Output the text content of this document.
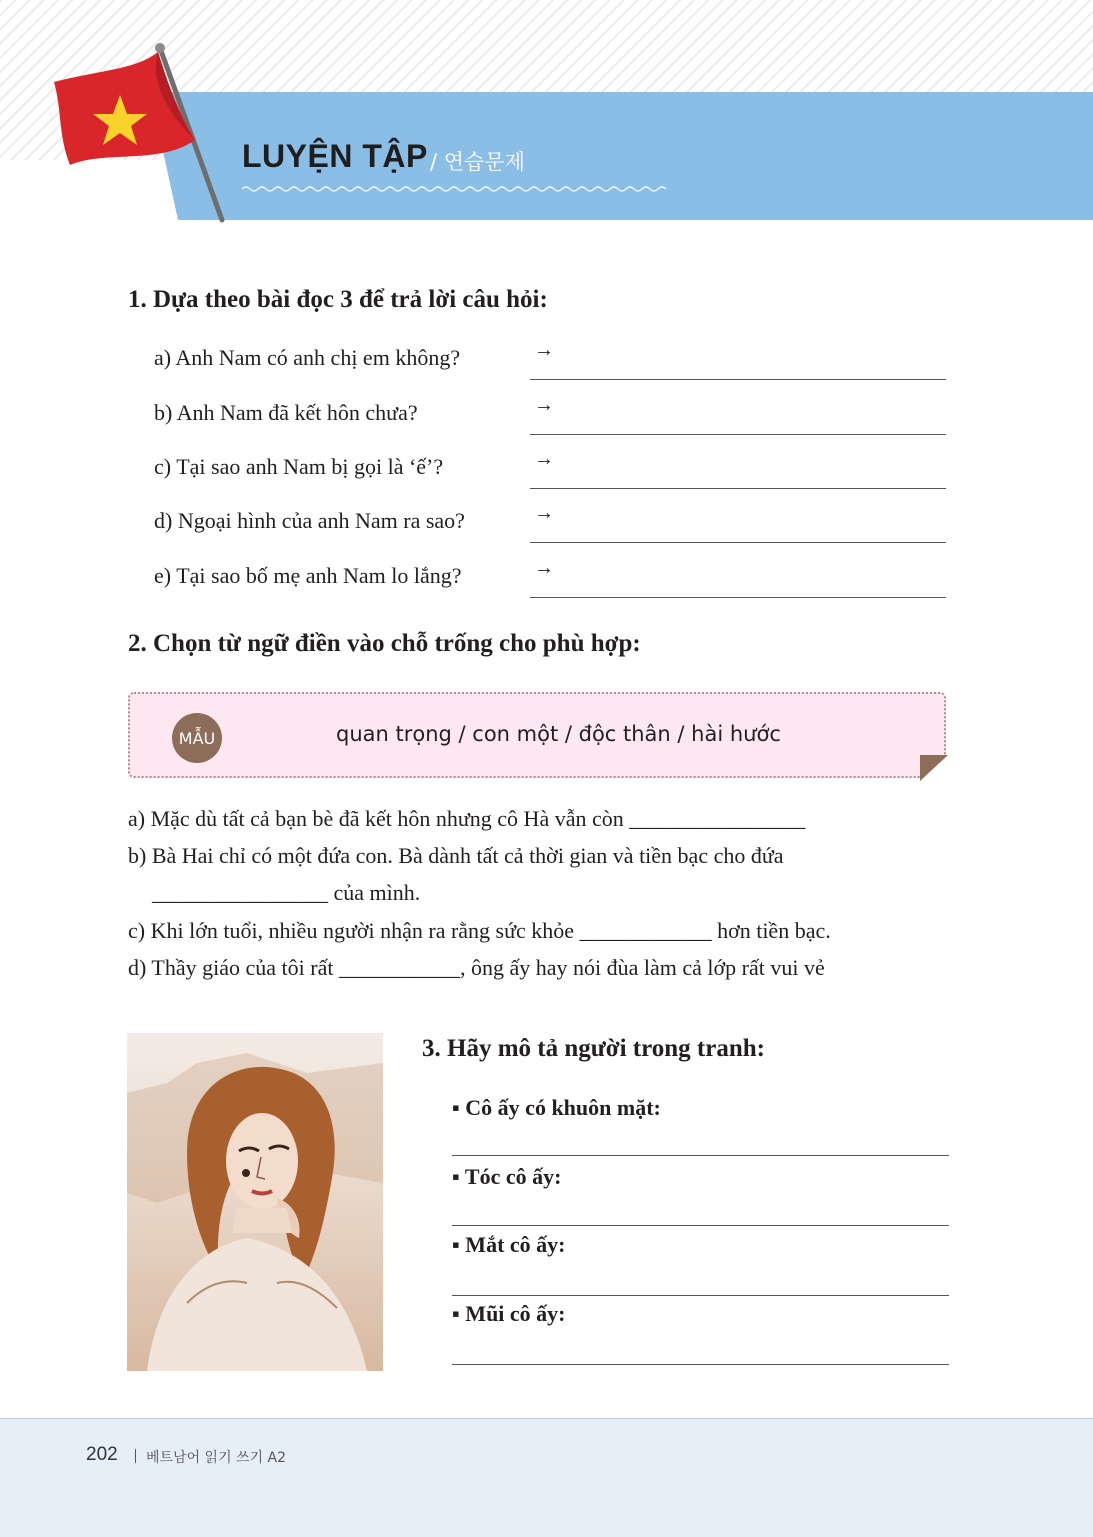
LUYỆN TẬP / 연습문제
1. Dựa theo bài đọc 3 để trả lời câu hỏi:
a) Anh Nam có anh chị em không?	→
b) Anh Nam đã kết hôn chưa?	→
c) Tại sao anh Nam bị gọi là ‘ế’?	→
d) Ngoại hình của anh Nam ra sao?	→
e) Tại sao bố mẹ anh Nam lo lắng?	→
2. Chọn từ ngữ điền vào chỗ trống cho phù hợp:
MẪU	quan trọng / con một / độc thân / hài hước
a) Mặc dù tất cả bạn bè đã kết hôn nhưng cô Hà vẫn còn ________________
b) Bà Hai chỉ có một đứa con. Bà dành tất cả thời gian và tiền bạc cho đứa
________________ của mình.
c) Khi lớn tuổi, nhiều người nhận ra rằng sức khỏe ____________ hơn tiền bạc.
d) Thầy giáo của tôi rất ___________, ông ấy hay nói đùa làm cả lớp rất vui vẻ
3. Hãy mô tả người trong tranh:
▪ Cô ấy có khuôn mặt:
▪ Tóc cô ấy:
▪ Mắt cô ấy:
▪ Mũi cô ấy:
202 베트남어 읽기 쓰기 A2
